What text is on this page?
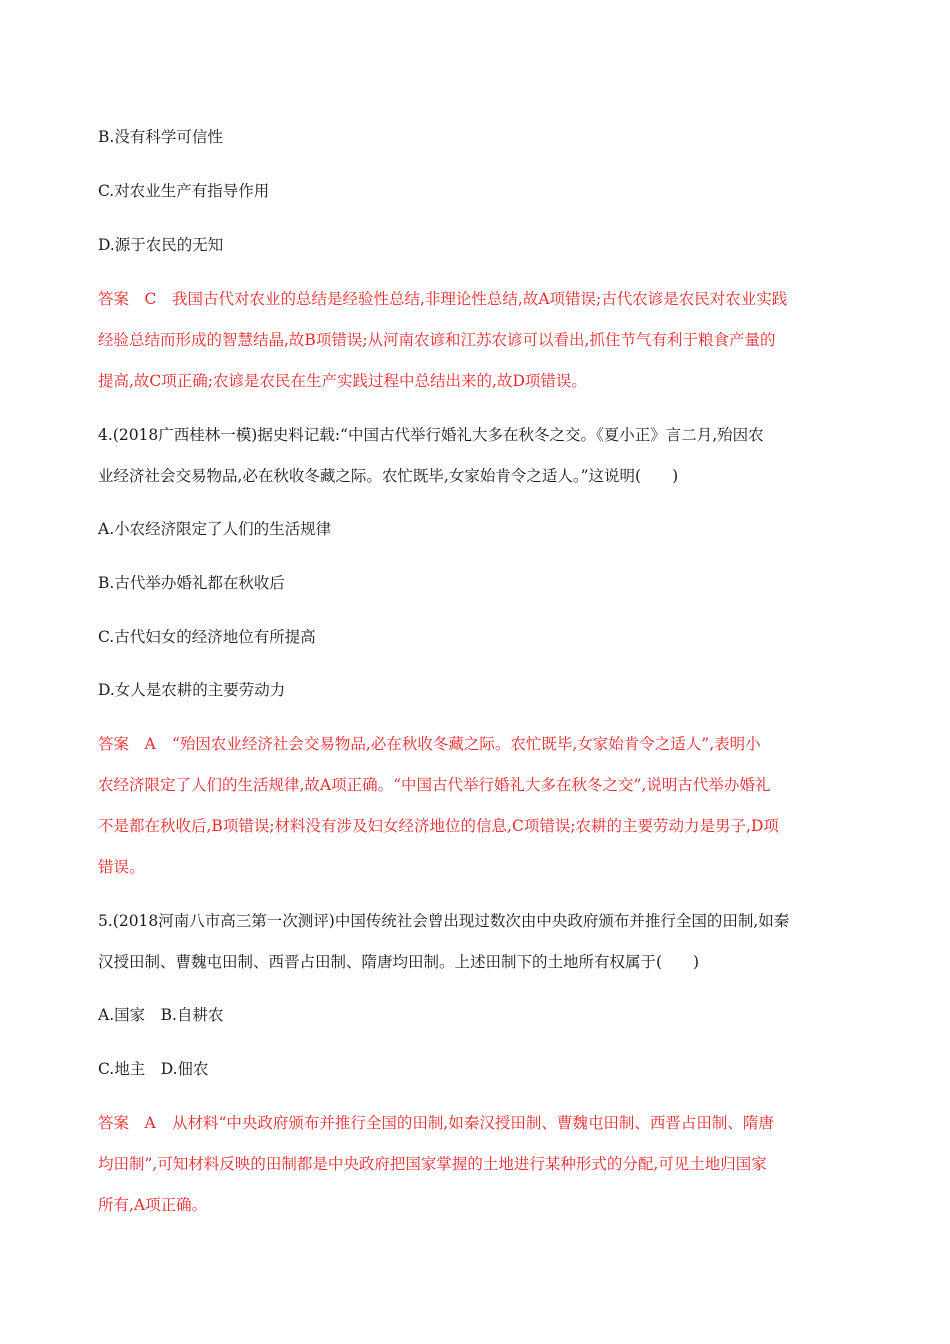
B.没有科学可信性
C.对农业生产有指导作用
D.源于农民的无知
答案　 C 我国古代对农业的总结是经验性总结,非理论性总结,故A项错误;古代农谚是农民对农业实践
经验总结而形成的智慧结晶,故B项错误;从河南农谚和江苏农谚可以看出,抓住节气有利于粮食产量的
提高,故C项正确;农谚是农民在生产实践过程中总结出来的,故D项错误。
4.(2018广西桂林一模)据史料记载:“中国古代举行婚礼大多在秋冬之交。《夏小正》言二月,殆因农
业经济社会交易物品,必在秋收冬藏之际。农忙既毕,女家始肯令之适人。”这说明(　　)
A.小农经济限定了人们的生活规律
B.古代举办婚礼都在秋收后
C.古代妇女的经济地位有所提高
D.女人是农耕的主要劳动力
答案　 A “殆因农业经济社会交易物品,必在秋收冬藏之际。农忙既毕,女家始肯令之适人”,表明小
农经济限定了人们的生活规律,故A项正确。“中国古代举行婚礼大多在秋冬之交”,说明古代举办婚礼
不是都在秋收后,B项错误;材料没有涉及妇女经济地位的信息,C项错误;农耕的主要劳动力是男子,D项
错误。
5.(2018河南八市高三第一次测评)中国传统社会曾出现过数次由中央政府颁布并推行全国的田制,如秦
汉授田制、曹魏屯田制、西晋占田制、隋唐均田制。上述田制下的土地所有权属于(　　)
A.国家　B.自耕农
C.地主　D.佃农
答案　 A 从材料“中央政府颁布并推行全国的田制,如秦汉授田制、曹魏屯田制、西晋占田制、隋唐
均田制”,可知材料反映的田制都是中央政府把国家掌握的土地进行某种形式的分配,可见土地归国家
所有,A项正确。
